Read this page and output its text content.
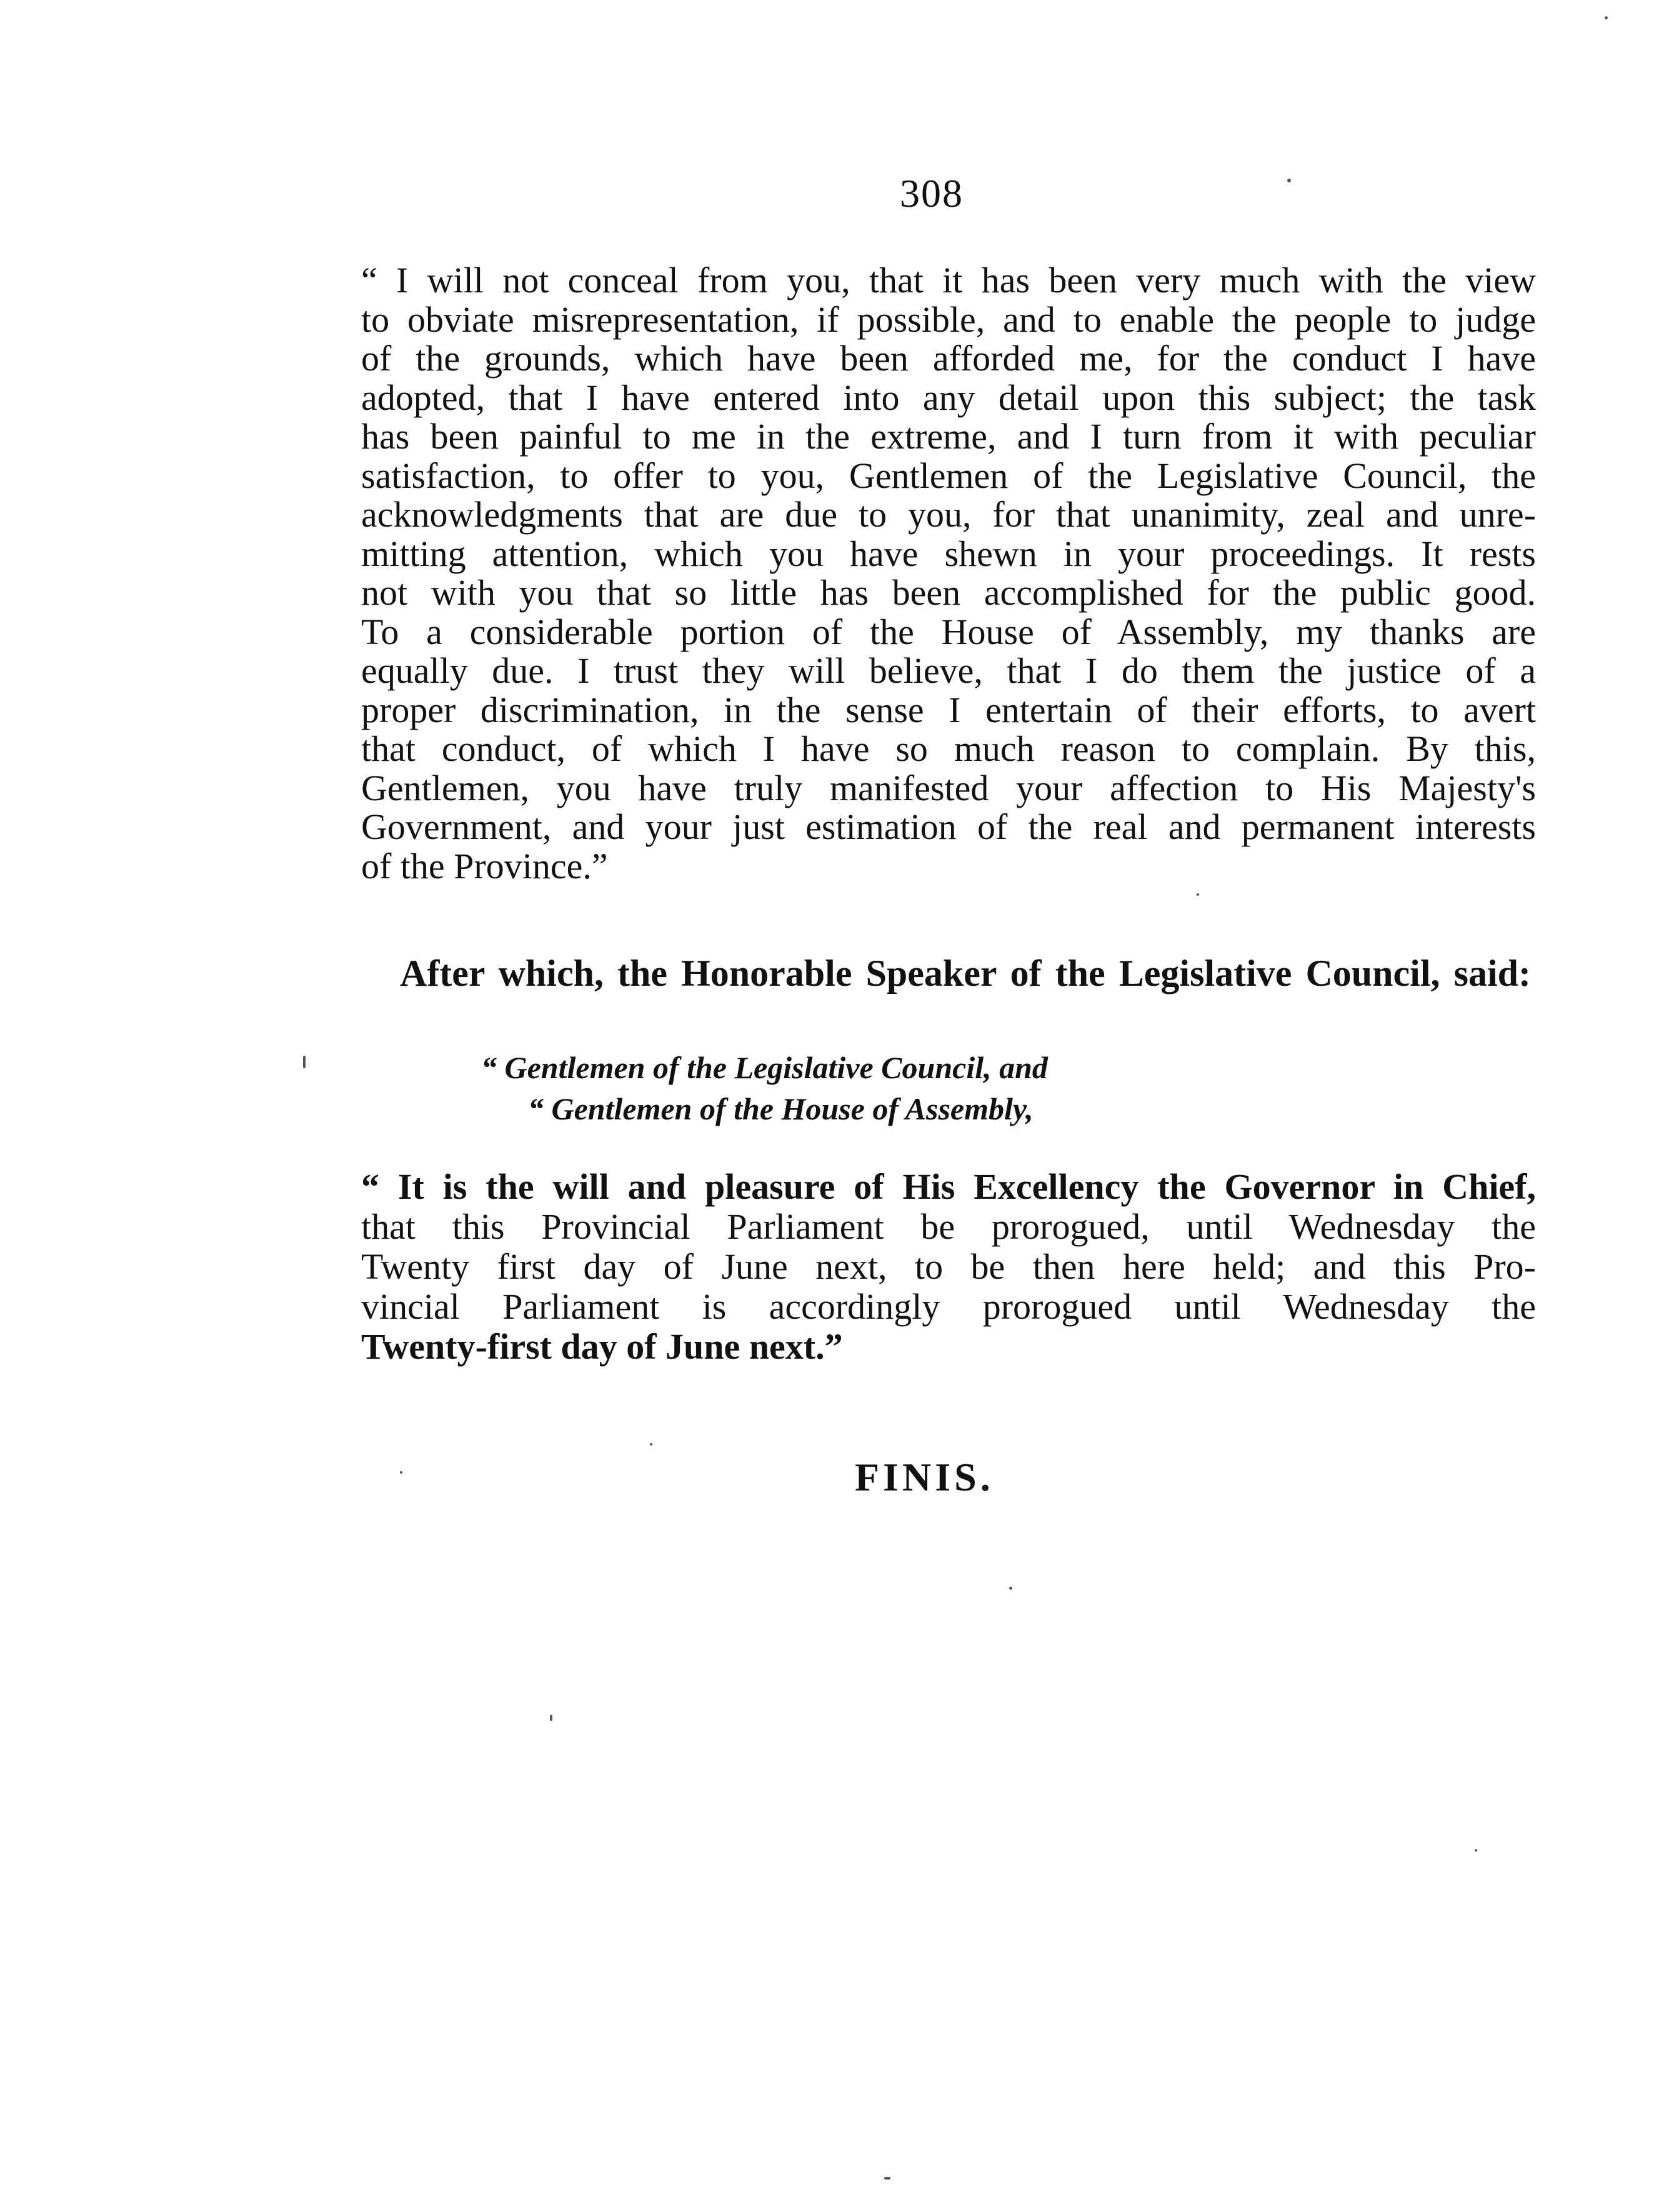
308
“ I will not conceal from you, that it has been very much with the view
to obviate misrepresentation, if possible, and to enable the people to judge
of the grounds, which have been afforded me, for the conduct I have
adopted, that I have entered into any detail upon this subject; the task
has been painful to me in the extreme, and I turn from it with peculiar
satisfaction, to offer to you, Gentlemen of the Legislative Council, the
acknowledgments that are due to you, for that unanimity, zeal and unre-
mitting attention, which you have shewn in your proceedings. It rests
not with you that so little has been accomplished for the public good.
To a considerable portion of the House of Assembly, my thanks are
equally due. I trust they will believe, that I do them the justice of a
proper discrimination, in the sense I entertain of their efforts, to avert
that conduct, of which I have so much reason to complain. By this,
Gentlemen, you have truly manifested your affection to His Majesty's
Government, and your just estimation of the real and permanent interests
of the Province.”
After which, the Honorable Speaker of the Legislative Council, said:
“ Gentlemen of the Legislative Council, and
“ Gentlemen of the House of Assembly,
“ It is the will and pleasure of His Excellency the Governor in Chief,
that this Provincial Parliament be prorogued, until Wednesday the
Twenty first day of June next, to be then here held; and this Pro-
vincial Parliament is accordingly prorogued until Wednesday the
Twenty-first day of June next.”
FINIS.
